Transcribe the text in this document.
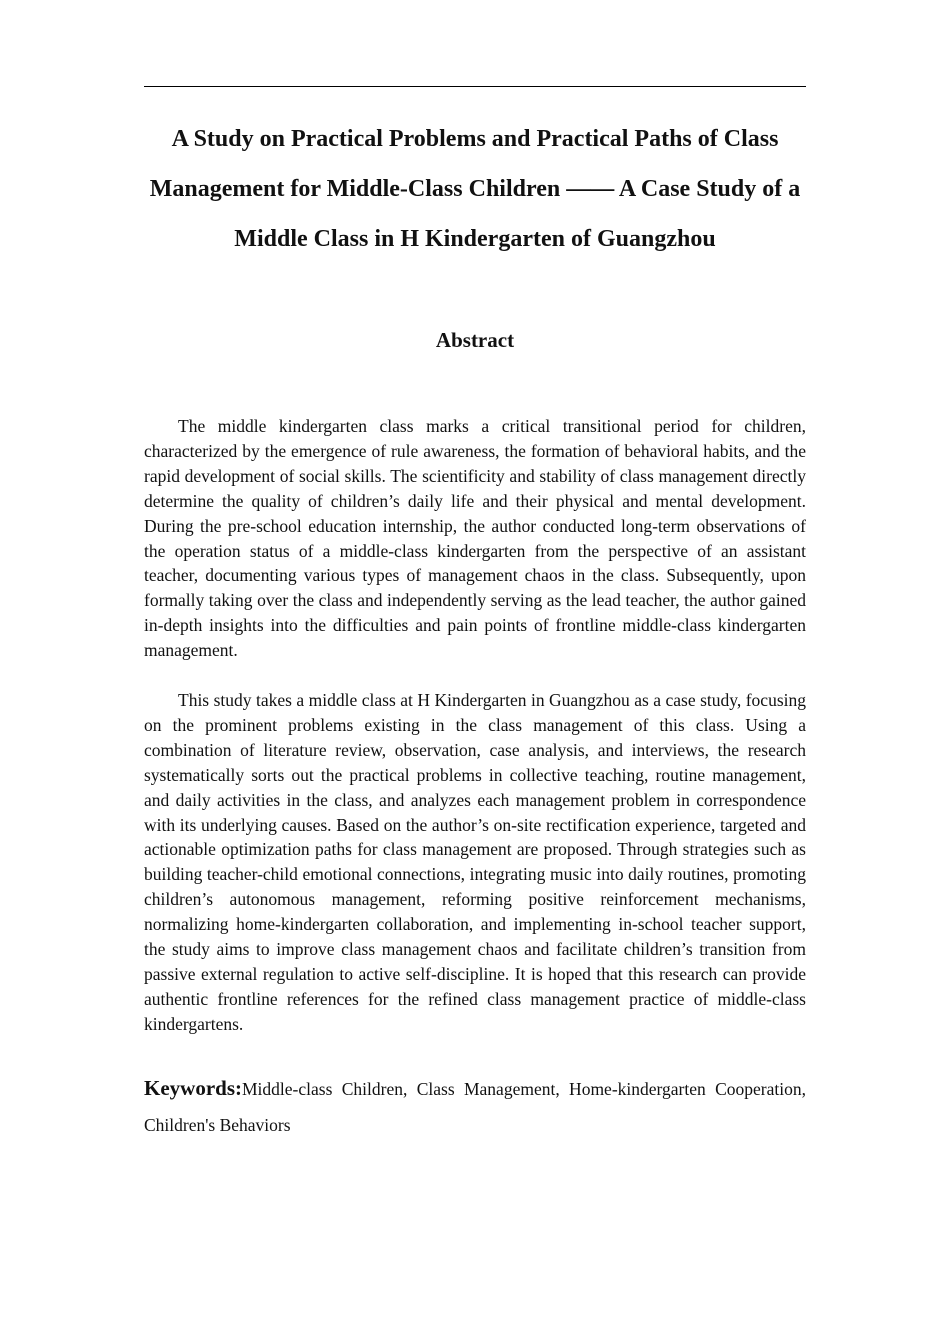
A Study on Practical Problems and Practical Paths of Class Management for Middle-Class Children —— A Case Study of a Middle Class in H Kindergarten of Guangzhou
Abstract

The middle kindergarten class marks a critical transitional period for children, characterized by the emergence of rule awareness, the formation of behavioral habits, and the rapid development of social skills. The scientificity and stability of class management directly determine the quality of children’s daily life and their physical and mental development. During the pre-school education internship, the author conducted long-term observations of the operation status of a middle-class kindergarten from the perspective of an assistant teacher, documenting various types of management chaos in the class. Subsequently, upon formally taking over the class and independently serving as the lead teacher, the author gained in-depth insights into the difficulties and pain points of frontline middle-class kindergarten management.

This study takes a middle class at H Kindergarten in Guangzhou as a case study, focusing on the prominent problems existing in the class management of this class. Using a combination of literature review, observation, case analysis, and interviews, the research systematically sorts out the practical problems in collective teaching, routine management, and daily activities in the class, and analyzes each management problem in correspondence with its underlying causes. Based on the author’s on-site rectification experience, targeted and actionable optimization paths for class management are proposed. Through strategies such as building teacher-child emotional connections, integrating music into daily routines, promoting children’s autonomous management, reforming positive reinforcement mechanisms, normalizing home-kindergarten collaboration, and implementing in-school teacher support, the study aims to improve class management chaos and facilitate children’s transition from passive external regulation to active self-discipline. It is hoped that this research can provide authentic frontline references for the refined class management practice of middle-class kindergartens.

Keywords:Middle-class Children, Class Management, Home-kindergarten Cooperation, Children's Behaviors
